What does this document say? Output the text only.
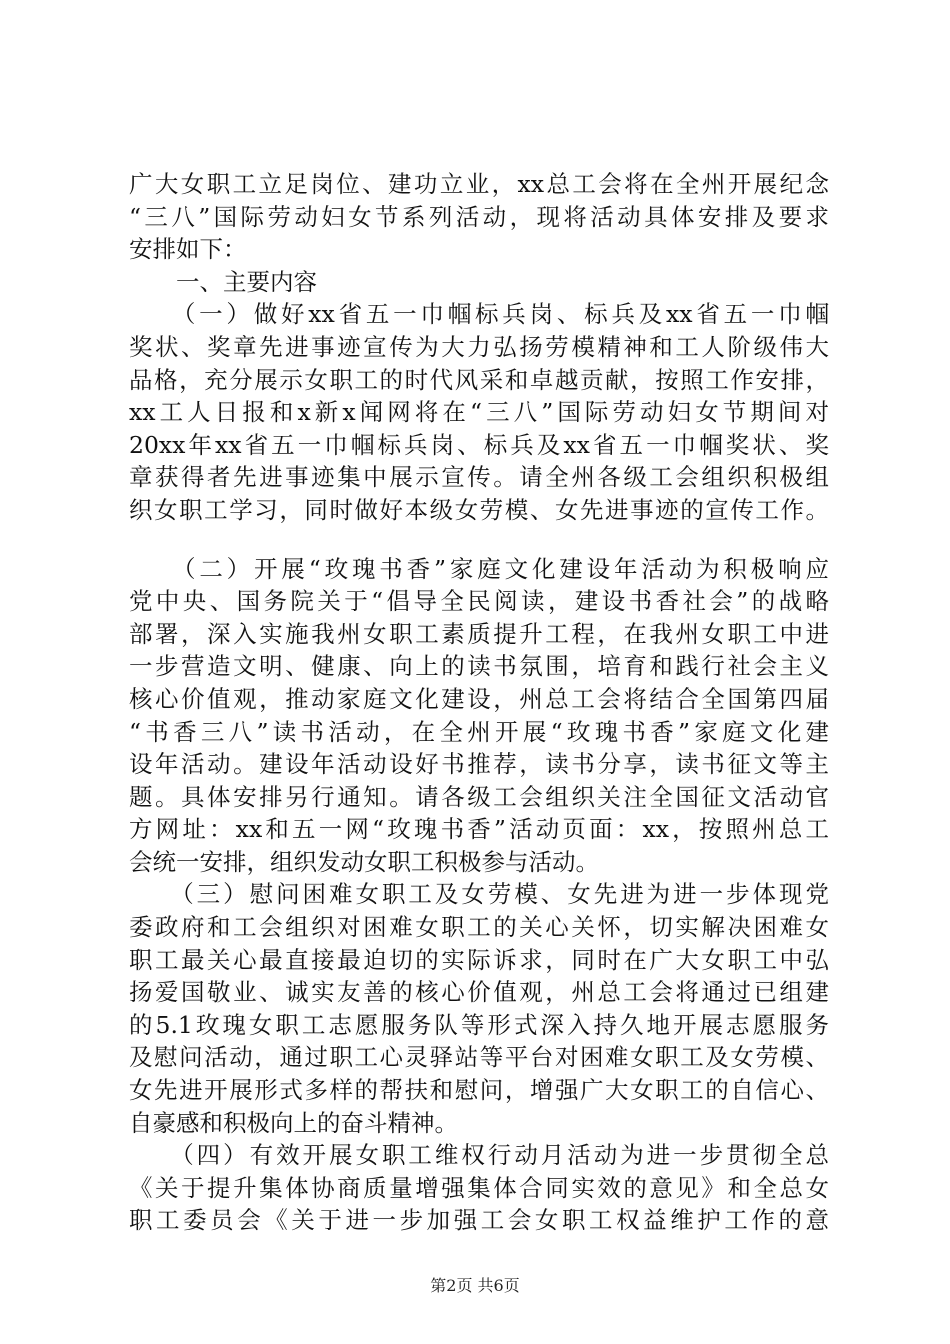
广大女职工立足岗位、建功立业，xx总工会将在全州开展纪念
“三八”国际劳动妇女节系列活动，现将活动具体安排及要求
安排如下：
　　一、主要内容
　　（一）做好xx省五一巾帼标兵岗、标兵及xx省五一巾帼
奖状、奖章先进事迹宣传为大力弘扬劳模精神和工人阶级伟大
品格，充分展示女职工的时代风采和卓越贡献，按照工作安排，
xx工人日报和x新x闻网将在“三八”国际劳动妇女节期间对
20xx年xx省五一巾帼标兵岗、标兵及xx省五一巾帼奖状、奖
章获得者先进事迹集中展示宣传。请全州各级工会组织积极组
织女职工学习，同时做好本级女劳模、女先进事迹的宣传工作。
　　（二）开展“玫瑰书香”家庭文化建设年活动为积极响应
党中央、国务院关于“倡导全民阅读，建设书香社会”的战略
部署，深入实施我州女职工素质提升工程，在我州女职工中进
一步营造文明、健康、向上的读书氛围，培育和践行社会主义
核心价值观，推动家庭文化建设，州总工会将结合全国第四届
“书香三八”读书活动，在全州开展“玫瑰书香”家庭文化建
设年活动。建设年活动设好书推荐，读书分享，读书征文等主
题。具体安排另行通知。请各级工会组织关注全国征文活动官
方网址：xx和五一网“玫瑰书香”活动页面：xx，按照州总工
会统一安排，组织发动女职工积极参与活动。
　　（三）慰问困难女职工及女劳模、女先进为进一步体现党
委政府和工会组织对困难女职工的关心关怀，切实解决困难女
职工最关心最直接最迫切的实际诉求，同时在广大女职工中弘
扬爱国敬业、诚实友善的核心价值观，州总工会将通过已组建
的5.1玫瑰女职工志愿服务队等形式深入持久地开展志愿服务
及慰问活动，通过职工心灵驿站等平台对困难女职工及女劳模、
女先进开展形式多样的帮扶和慰问，增强广大女职工的自信心、
自豪感和积极向上的奋斗精神。
　　（四）有效开展女职工维权行动月活动为进一步贯彻全总
《关于提升集体协商质量增强集体合同实效的意见》和全总女
职工委员会《关于进一步加强工会女职工权益维护工作的意
第2页 共6页
